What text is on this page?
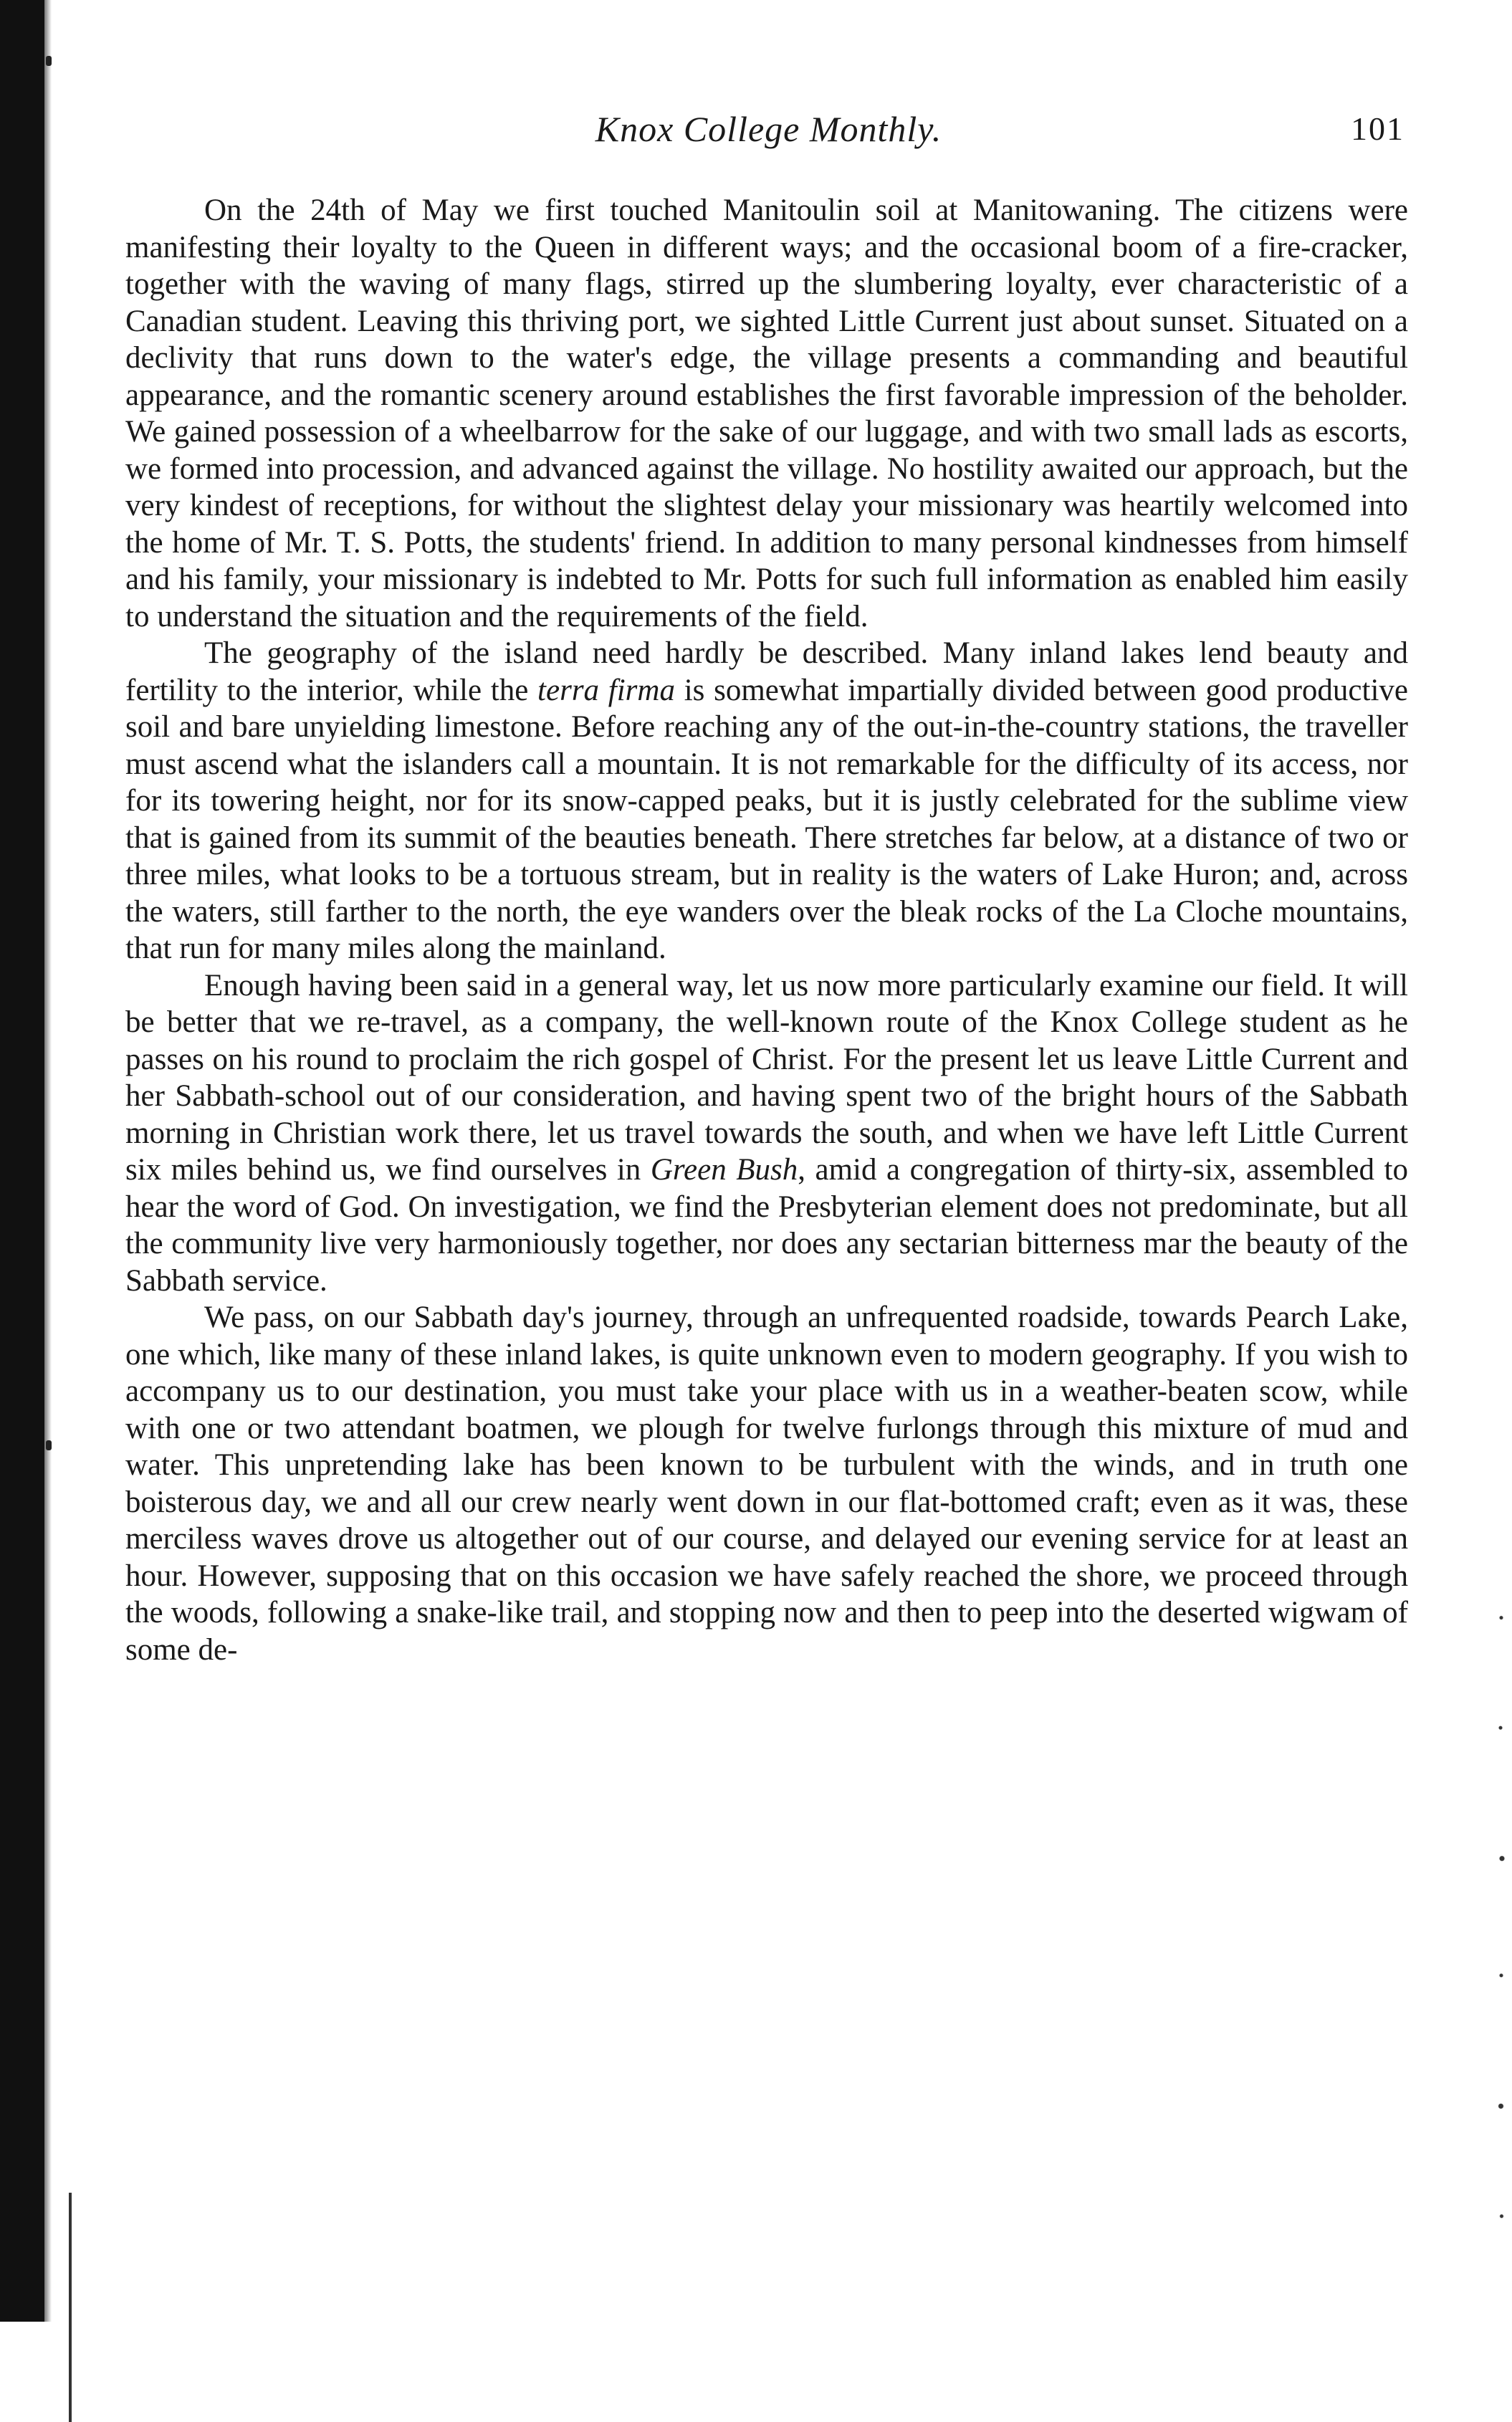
Knox College Monthly.	101

On the 24th of May we first touched Manitoulin soil at Manitowaning. The citizens were manifesting their loyalty to the Queen in different ways; and the occasional boom of a fire-cracker, together with the waving of many flags, stirred up the slumbering loyalty, ever characteristic of a Canadian student. Leaving this thriving port, we sighted Little Current just about sunset. Situated on a declivity that runs down to the water's edge, the village presents a commanding and beautiful appearance, and the romantic scenery around establishes the first favorable impression of the beholder. We gained possession of a wheelbarrow for the sake of our luggage, and with two small lads as escorts, we formed into procession, and advanced against the village. No hostility awaited our approach, but the very kindest of receptions, for without the slightest delay your missionary was heartily welcomed into the home of Mr. T. S. Potts, the students' friend. In addition to many personal kindnesses from himself and his family, your missionary is indebted to Mr. Potts for such full information as enabled him easily to understand the situation and the requirements of the field.

The geography of the island need hardly be described. Many inland lakes lend beauty and fertility to the interior, while the terra firma is somewhat impartially divided between good productive soil and bare unyielding limestone. Before reaching any of the out-in-the-country stations, the traveller must ascend what the islanders call a mountain. It is not remarkable for the difficulty of its access, nor for its towering height, nor for its snow-capped peaks, but it is justly celebrated for the sublime view that is gained from its summit of the beauties beneath. There stretches far below, at a distance of two or three miles, what looks to be a tortuous stream, but in reality is the waters of Lake Huron; and, across the waters, still farther to the north, the eye wanders over the bleak rocks of the La Cloche mountains, that run for many miles along the mainland.

Enough having been said in a general way, let us now more particularly examine our field. It will be better that we re-travel, as a company, the well-known route of the Knox College student as he passes on his round to proclaim the rich gospel of Christ. For the present let us leave Little Current and her Sabbath-school out of our consideration, and having spent two of the bright hours of the Sabbath morning in Christian work there, let us travel towards the south, and when we have left Little Current six miles behind us, we find ourselves in Green Bush, amid a congregation of thirty-six, assembled to hear the word of God. On investigation, we find the Presbyterian element does not predominate, but all the community live very harmoniously together, nor does any sectarian bitterness mar the beauty of the Sabbath service.

We pass, on our Sabbath day's journey, through an unfrequented roadside, towards Pearch Lake, one which, like many of these inland lakes, is quite unknown even to modern geography. If you wish to accompany us to our destination, you must take your place with us in a weather-beaten scow, while with one or two attendant boatmen, we plough for twelve furlongs through this mixture of mud and water. This unpretending lake has been known to be turbulent with the winds, and in truth one boisterous day, we and all our crew nearly went down in our flat-bottomed craft; even as it was, these merciless waves drove us altogether out of our course, and delayed our evening service for at least an hour. However, supposing that on this occasion we have safely reached the shore, we proceed through the woods, following a snake-like trail, and stopping now and then to peep into the deserted wigwam of some de-
